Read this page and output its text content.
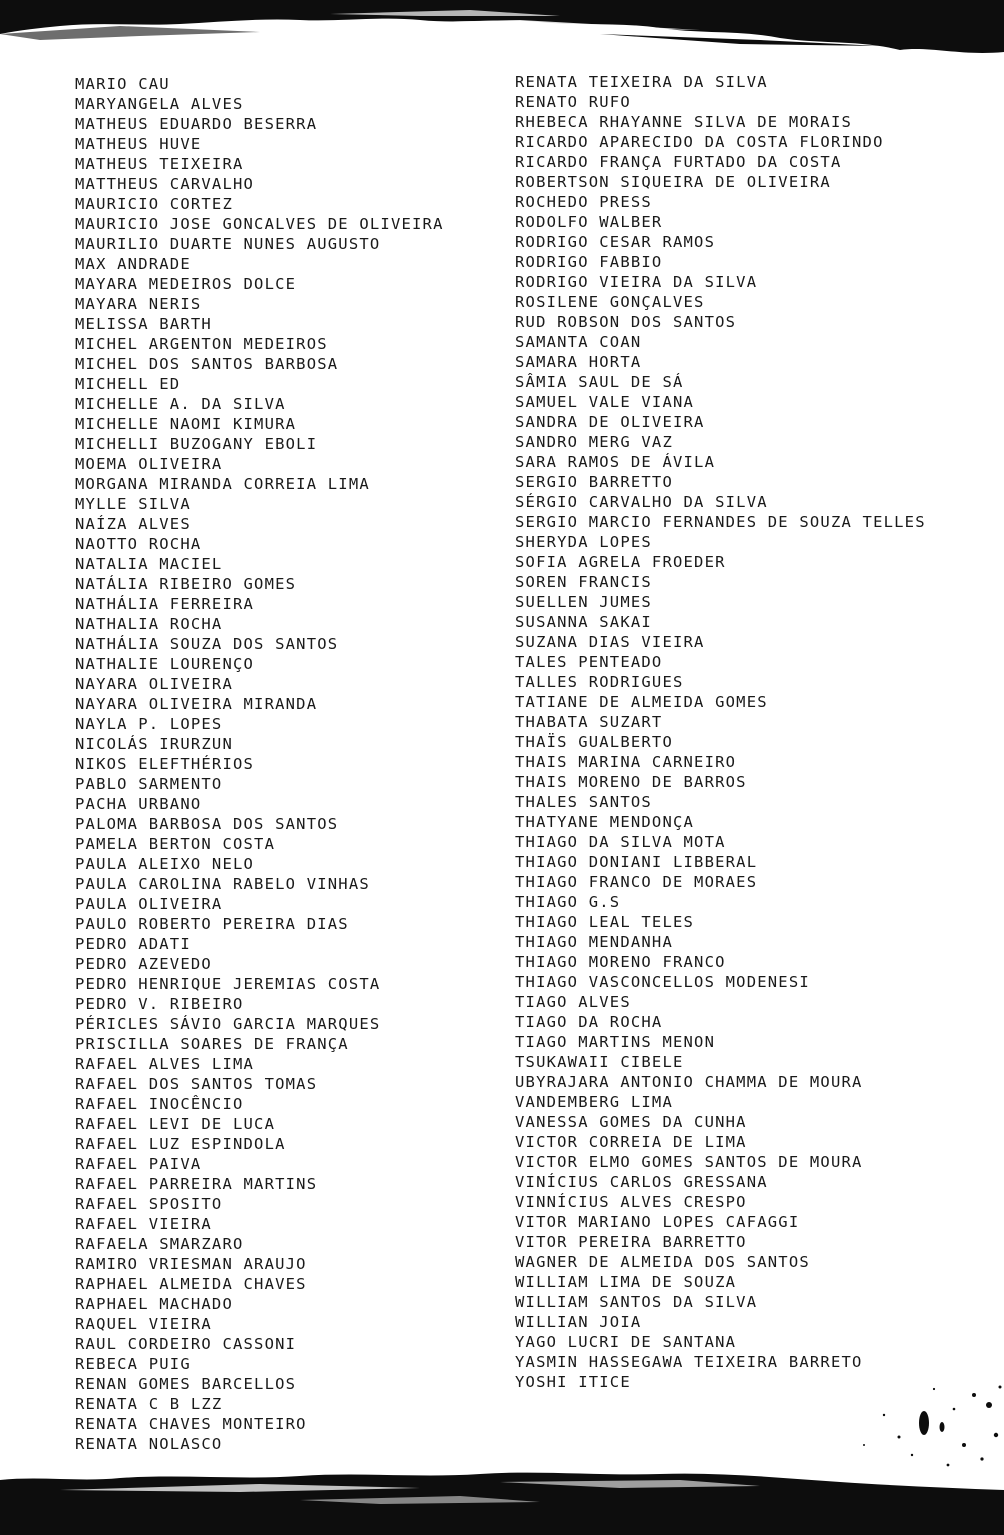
MARIO CAU
MARYANGELA ALVES
MATHEUS EDUARDO BESERRA
MATHEUS HUVE
MATHEUS TEIXEIRA
MATTHEUS CARVALHO
MAURICIO CORTEZ
MAURICIO JOSE GONCALVES DE OLIVEIRA
MAURILIO DUARTE NUNES AUGUSTO
MAX ANDRADE
MAYARA MEDEIROS DOLCE
MAYARA NERIS
MELISSA BARTH
MICHEL ARGENTON MEDEIROS
MICHEL DOS SANTOS BARBOSA
MICHELL ED
MICHELLE A. DA SILVA
MICHELLE NAOMI KIMURA
MICHELLI BUZOGANY EBOLI
MOEMA OLIVEIRA
MORGANA MIRANDA CORREIA LIMA
MYLLE SILVA
NAÍZA ALVES
NAOTTO ROCHA
NATALIA MACIEL
NATÁLIA RIBEIRO GOMES
NATHÁLIA FERREIRA
NATHALIA ROCHA
NATHÁLIA SOUZA DOS SANTOS
NATHALIE LOURENÇO
NAYARA OLIVEIRA
NAYARA OLIVEIRA MIRANDA
NAYLA P. LOPES
NICOLÁS IRURZUN
NIKOS ELEFTHÉRIOS
PABLO SARMENTO
PACHA URBANO
PALOMA BARBOSA DOS SANTOS
PAMELA BERTON COSTA
PAULA ALEIXO NELO
PAULA CAROLINA RABELO VINHAS
PAULA OLIVEIRA
PAULO ROBERTO PEREIRA DIAS
PEDRO ADATI
PEDRO AZEVEDO
PEDRO HENRIQUE JEREMIAS COSTA
PEDRO V. RIBEIRO
PÉRICLES SÁVIO GARCIA MARQUES
PRISCILLA SOARES DE FRANÇA
RAFAEL ALVES LIMA
RAFAEL DOS SANTOS TOMAS
RAFAEL INOCÊNCIO
RAFAEL LEVI DE LUCA
RAFAEL LUZ ESPINDOLA
RAFAEL PAIVA
RAFAEL PARREIRA MARTINS
RAFAEL SPOSITO
RAFAEL VIEIRA
RAFAELA SMARZARO
RAMIRO VRIESMAN ARAUJO
RAPHAEL ALMEIDA CHAVES
RAPHAEL MACHADO
RAQUEL VIEIRA
RAUL CORDEIRO CASSONI
REBECA PUIG
RENAN GOMES BARCELLOS
RENATA C B LZZ
RENATA CHAVES MONTEIRO
RENATA NOLASCO
RENATA TEIXEIRA DA SILVA
RENATO RUFO
RHEBECA RHAYANNE SILVA DE MORAIS
RICARDO APARECIDO DA COSTA FLORINDO
RICARDO FRANÇA FURTADO DA COSTA
ROBERTSON SIQUEIRA DE OLIVEIRA
ROCHEDO PRESS
RODOLFO WALBER
RODRIGO CESAR RAMOS
RODRIGO FABBIO
RODRIGO VIEIRA DA SILVA
ROSILENE GONÇALVES
RUD ROBSON DOS SANTOS
SAMANTA COAN
SAMARA HORTA
SÂMIA SAUL DE SÁ
SAMUEL VALE VIANA
SANDRA DE OLIVEIRA
SANDRO MERG VAZ
SARA RAMOS DE ÁVILA
SERGIO BARRETTO
SÉRGIO CARVALHO DA SILVA
SERGIO MARCIO FERNANDES DE SOUZA TELLES
SHERYDA LOPES
SOFIA AGRELA FROEDER
SOREN FRANCIS
SUELLEN JUMES
SUSANNA SAKAI
SUZANA DIAS VIEIRA
TALES PENTEADO
TALLES RODRIGUES
TATIANE DE ALMEIDA GOMES
THABATA SUZART
THAÏS GUALBERTO
THAIS MARINA CARNEIRO
THAIS MORENO DE BARROS
THALES SANTOS
THATYANE MENDONÇA
THIAGO DA SILVA MOTA
THIAGO DONIANI LIBBERAL
THIAGO FRANCO DE MORAES
THIAGO G.S
THIAGO LEAL TELES
THIAGO MENDANHA
THIAGO MORENO FRANCO
THIAGO VASCONCELLOS MODENESI
TIAGO ALVES
TIAGO DA ROCHA
TIAGO MARTINS MENON
TSUKAWAII CIBELE
UBYRAJARA ANTONIO CHAMMA DE MOURA
VANDEMBERG LIMA
VANESSA GOMES DA CUNHA
VICTOR CORREIA DE LIMA
VICTOR ELMO GOMES SANTOS DE MOURA
VINÍCIUS CARLOS GRESSANA
VINNÍCIUS ALVES CRESPO
VITOR MARIANO LOPES CAFAGGI
VITOR PEREIRA BARRETTO
WAGNER DE ALMEIDA DOS SANTOS
WILLIAM LIMA DE SOUZA
WILLIAM SANTOS DA SILVA
WILLIAN JOIA
YAGO LUCRI DE SANTANA
YASMIN HASSEGAWA TEIXEIRA BARRETO
YOSHI ITICE
